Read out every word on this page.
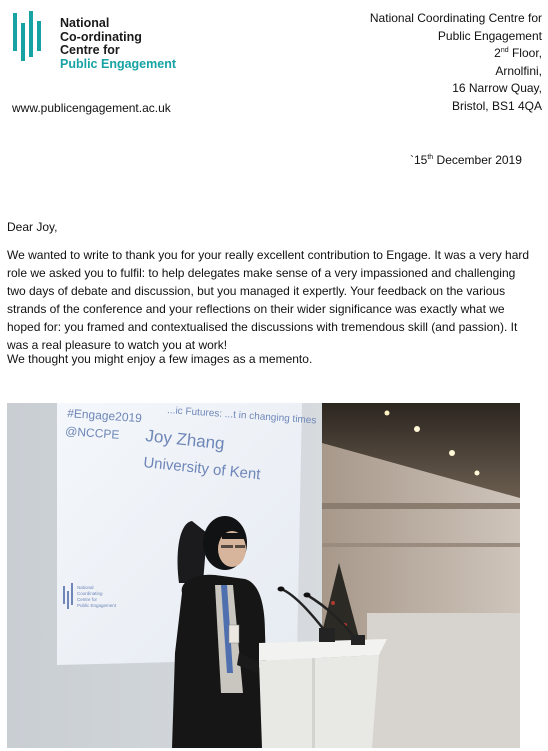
National
Co-ordinating
Centre for
Public Engagement
National Coordinating Centre for
Public Engagement
2nd Floor,
Arnolfini,
16 Narrow Quay,
Bristol, BS1 4QA
www.publicengagement.ac.uk
`15th December 2019
Dear Joy,

We wanted to write to thank you for your really excellent contribution to Engage. It was a very hard role we asked you to fulfil: to help delegates make sense of a very impassioned and challenging two days of debate and discussion, but you managed it expertly. Your feedback on the various strands of the conference and your reflections on their wider significance was exactly what we hoped for: you framed and contextualised the discussions with tremendous skill (and passion). It was a real pleasure to watch you at work!

We thought you might enjoy a few images as a memento.
#Engage2019
@NCCPE
...ic Futures: ...t in changing times
Joy Zhang
University of Kent
National
Coordinating
Centre for
Public Engagement
